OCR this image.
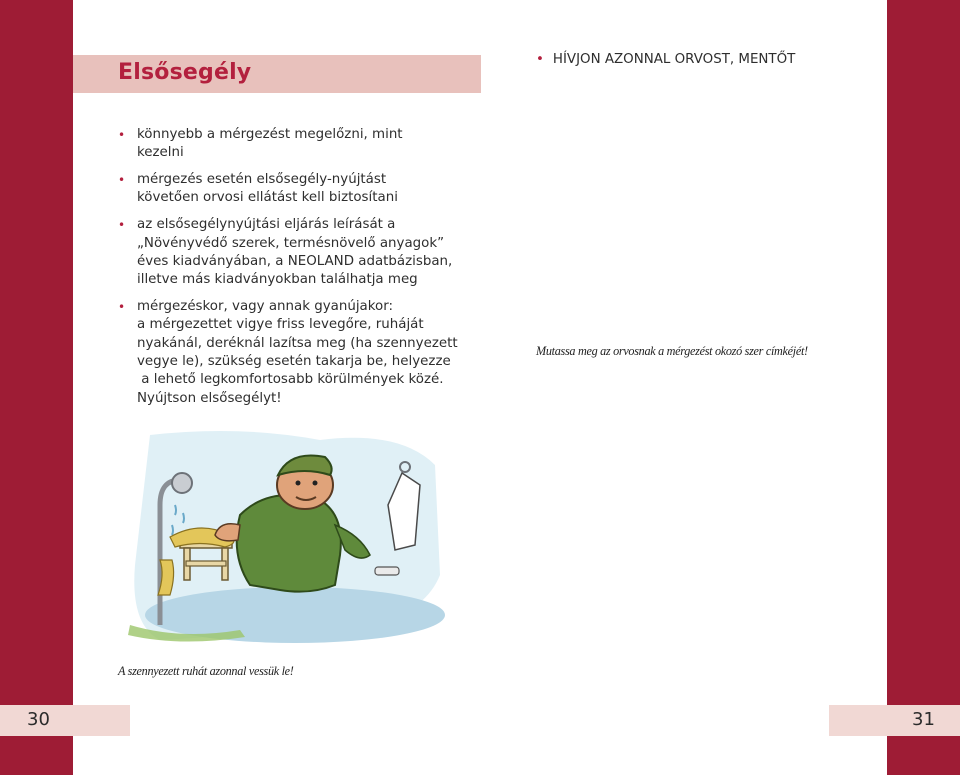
Elsősegély
• könnyebb a mérgezést megelőzni, mint
kezelni
• mérgezés esetén elsősegély-nyújtást
követően orvosi ellátást kell biztosítani
• az elsősegélynyújtási eljárás leírását a
„Növényvédő szerek, termésnövelő anyagok”
éves kiadványában, a NEOLAND adatbázisban,
illetve más kiadványokban találhatja meg
• mérgezéskor, vagy annak gyanújakor:
a mérgezettet vigye friss levegőre, ruháját
nyakánál, deréknál lazítsa meg (ha szennyezett
vegye le), szükség esetén takarja be, helyezze
a lehető legkomfortosabb körülmények közé.
Nyújtson elsősegélyt!
• HÍVJON AZONNAL ORVOST, MENTŐT
Mutassa meg az orvosnak a mérgezést okozó szer címkéjét!
A szennyezett ruhát azonnal vessük le!
30	31
